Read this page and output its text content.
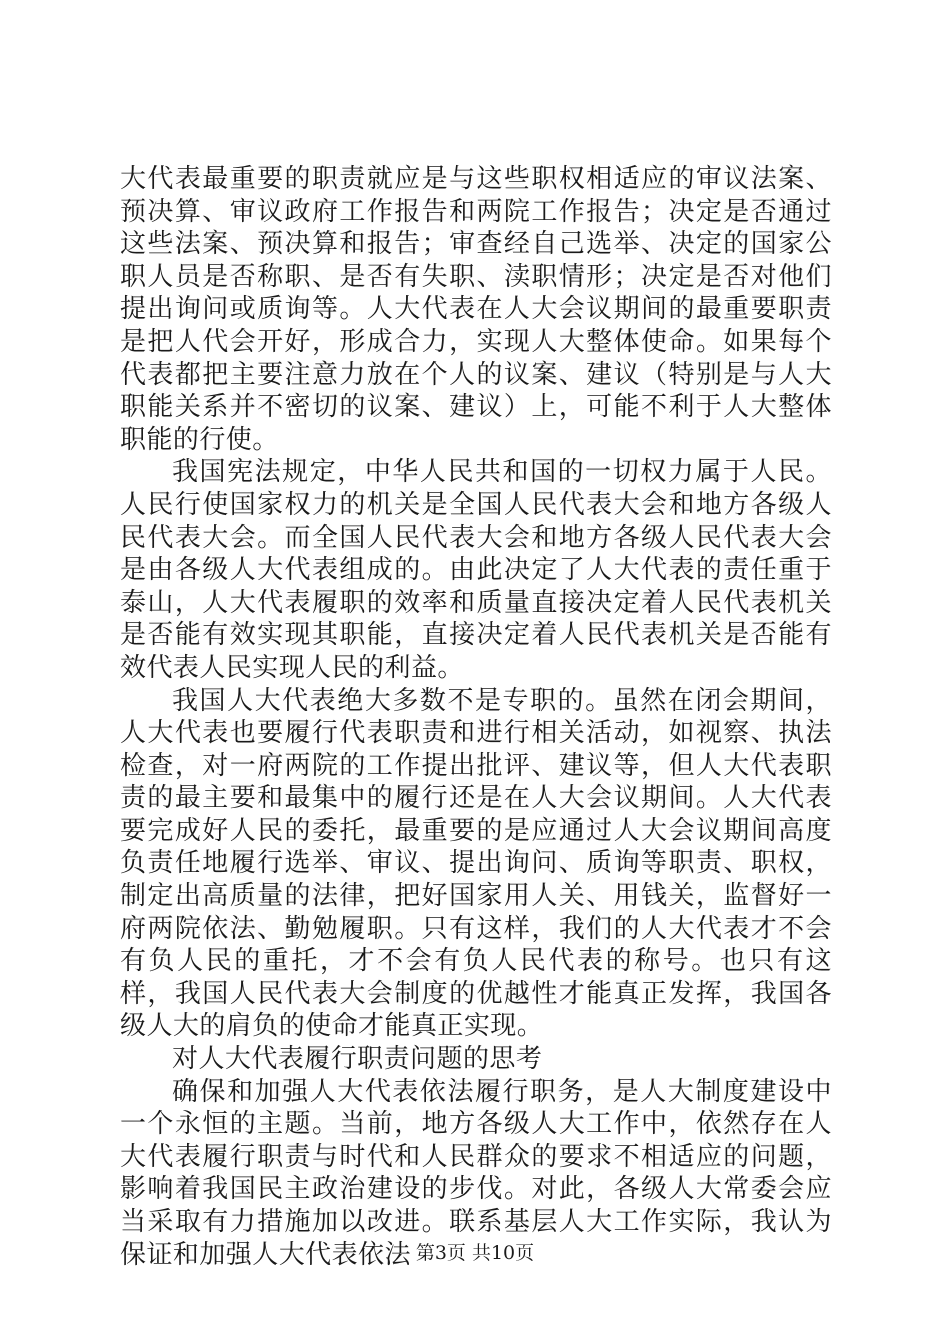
大代表最重要的职责就应是与这些职权相适应的审议法案、预决算、审议政府工作报告和两院工作报告；决定是否通过这些法案、预决算和报告；审查经自己选举、决定的国家公职人员是否称职、是否有失职、渎职情形；决定是否对他们提出询问或质询等。人大代表在人大会议期间的最重要职责是把人代会开好，形成合力，实现人大整体使命。如果每个代表都把主要注意力放在个人的议案、建议（特别是与人大职能关系并不密切的议案、建议）上，可能不利于人大整体职能的行使。

我国宪法规定，中华人民共和国的一切权力属于人民。人民行使国家权力的机关是全国人民代表大会和地方各级人民代表大会。而全国人民代表大会和地方各级人民代表大会是由各级人大代表组成的。由此决定了人大代表的责任重于泰山，人大代表履职的效率和质量直接决定着人民代表机关是否能有效实现其职能，直接决定着人民代表机关是否能有效代表人民实现人民的利益。

我国人大代表绝大多数不是专职的。虽然在闭会期间，人大代表也要履行代表职责和进行相关活动，如视察、执法检查，对一府两院的工作提出批评、建议等，但人大代表职责的最主要和最集中的履行还是在人大会议期间。人大代表要完成好人民的委托，最重要的是应通过人大会议期间高度负责任地履行选举、审议、提出询问、质询等职责、职权，制定出高质量的法律，把好国家用人关、用钱关，监督好一府两院依法、勤勉履职。只有这样，我们的人大代表才不会有负人民的重托，才不会有负人民代表的称号。也只有这样，我国人民代表大会制度的优越性才能真正发挥，我国各级人大的肩负的使命才能真正实现。

对人大代表履行职责问题的思考

确保和加强人大代表依法履行职务，是人大制度建设中一个永恒的主题。当前，地方各级人大工作中，依然存在人大代表履行职责与时代和人民群众的要求不相适应的问题，影响着我国民主政治建设的步伐。对此，各级人大常委会应当采取有力措施加以改进。联系基层人大工作实际，我认为保证和加强人大代表依法 第3页 共10页
